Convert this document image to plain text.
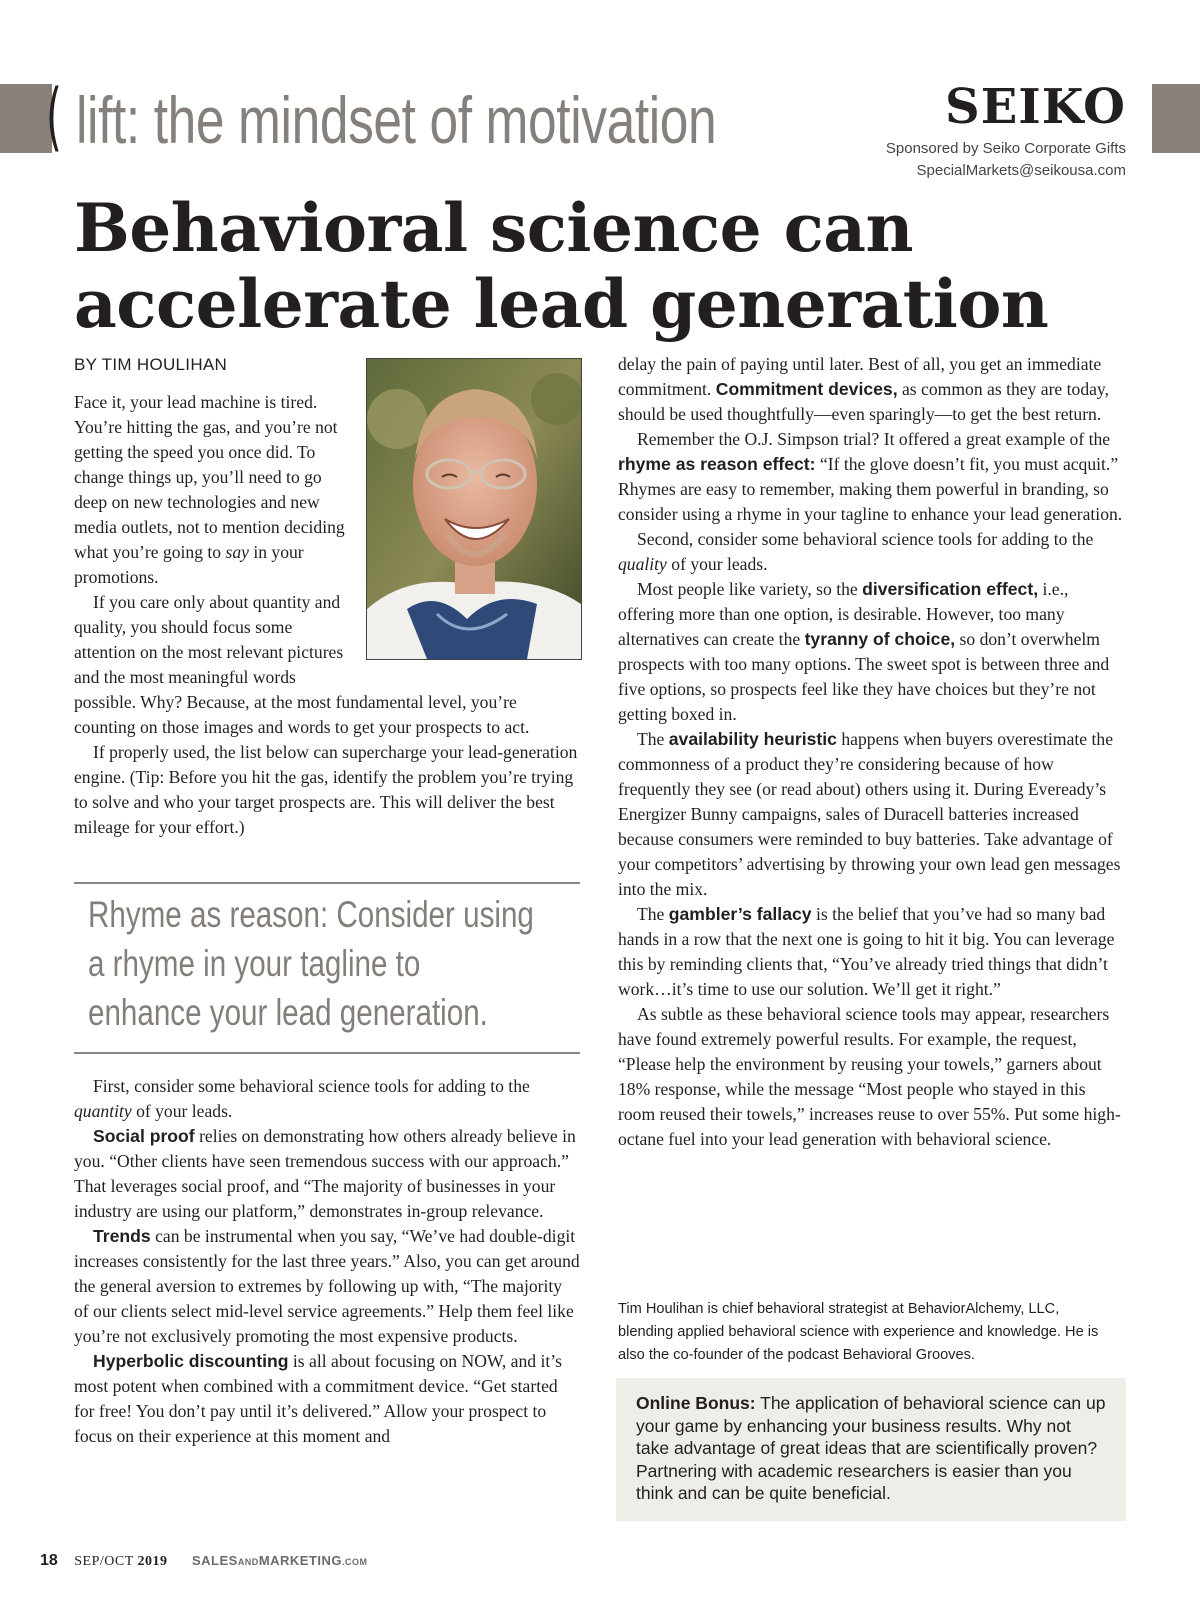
( lift: the mindset of motivation	SEIKO
Sponsored by Seiko Corporate Gifts
SpecialMarkets@seikousa.com
Behavioral science can
accelerate lead generation
BY TIM HOULIHAN

Face it, your lead machine is tired. You’re hitting the gas, and you’re not getting the speed you once did. To change things up, you’ll need to go deep on new technologies and new media outlets, not to mention deciding what you’re going to say in your promotions.

If you care only about quantity and quality, you should focus some attention on the most relevant pictures and the most meaningful words possible. Why? Because, at the most fundamental level, you’re counting on those images and words to get your prospects to act.

If properly used, the list below can supercharge your lead-generation engine. (Tip: Before you hit the gas, identify the problem you’re trying to solve and who your target prospects are. This will deliver the best mileage for your effort.)

Rhyme as reason: Consider using a rhyme in your tagline to enhance your lead generation.

First, consider some behavioral science tools for adding to the quantity of your leads.

Social proof relies on demonstrating how others already believe in you. “Other clients have seen tremendous success with our approach.” That leverages social proof, and “The majority of businesses in your industry are using our platform,” demonstrates in-group relevance.

Trends can be instrumental when you say, “We’ve had double-digit increases consistently for the last three years.” Also, you can get around the general aversion to extremes by following up with, “The majority of our clients select mid-level service agreements.” Help them feel like you’re not exclusively promoting the most expensive products.

Hyperbolic discounting is all about focusing on NOW, and it’s most potent when combined with a commitment device. “Get started for free! You don’t pay until it’s delivered.” Allow your prospect to focus on their experience at this moment and

delay the pain of paying until later. Best of all, you get an immediate commitment. Commitment devices, as common as they are today, should be used thoughtfully—even sparingly—to get the best return.

Remember the O.J. Simpson trial? It offered a great example of the rhyme as reason effect: “If the glove doesn’t fit, you must acquit.” Rhymes are easy to remember, making them powerful in branding, so consider using a rhyme in your tagline to enhance your lead generation.

Second, consider some behavioral science tools for adding to the quality of your leads.

Most people like variety, so the diversification effect, i.e., offering more than one option, is desirable. However, too many alternatives can create the tyranny of choice, so don’t overwhelm prospects with too many options. The sweet spot is between three and five options, so prospects feel like they have choices but they’re not getting boxed in.

The availability heuristic happens when buyers overestimate the commonness of a product they’re considering because of how frequently they see (or read about) others using it. During Eveready’s Energizer Bunny campaigns, sales of Duracell batteries increased because consumers were reminded to buy batteries. Take advantage of your competitors’ advertising by throwing your own lead gen messages into the mix.

The gambler’s fallacy is the belief that you’ve had so many bad hands in a row that the next one is going to hit it big. You can leverage this by reminding clients that, “You’ve already tried things that didn’t work…it’s time to use our solution. We’ll get it right.”

As subtle as these behavioral science tools may appear, researchers have found extremely powerful results. For example, the request, “Please help the environment by reusing your towels,” garners about 18% response, while the message “Most people who stayed in this room reused their towels,” increases reuse to over 55%. Put some high-octane fuel into your lead generation with behavioral science.

Tim Houlihan is chief behavioral strategist at BehaviorAlchemy, LLC, blending applied behavioral science with experience and knowledge. He is also the co-founder of the podcast Behavioral Grooves.
Online Bonus: The application of behavioral science can up your game by enhancing your business results. Why not take advantage of great ideas that are scientifically proven? Partnering with academic researchers is easier than you think and can be quite beneficial.
18 SEP/OCT 2019 SALESANDMARKETING.COM
